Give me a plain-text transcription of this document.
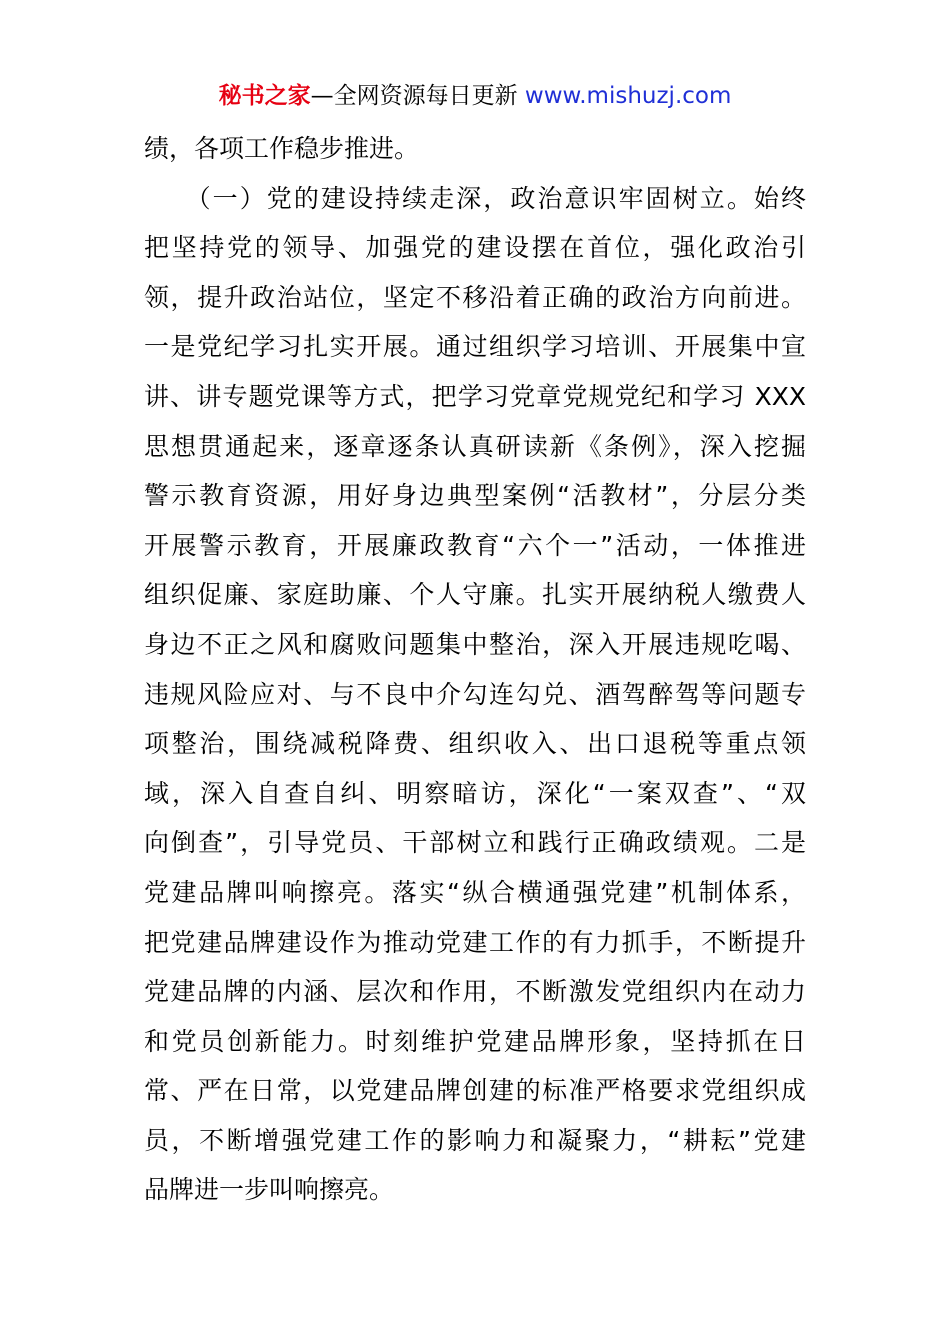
秘书之家—全网资源每日更新 www.mishuzj.com
绩，各项工作稳步推进。
　　（一）党的建设持续走深，政治意识牢固树立。始终
把坚持党的领导、加强党的建设摆在首位，强化政治引
领，提升政治站位，坚定不移沿着正确的政治方向前进。
一是党纪学习扎实开展。通过组织学习培训、开展集中宣
讲、讲专题党课等方式，把学习党章党规党纪和学习 XXX
思想贯通起来，逐章逐条认真研读新《条例》，深入挖掘
警示教育资源，用好身边典型案例“活教材”，分层分类
开展警示教育，开展廉政教育“六个一”活动，一体推进
组织促廉、家庭助廉、个人守廉。扎实开展纳税人缴费人
身边不正之风和腐败问题集中整治，深入开展违规吃喝、
违规风险应对、与不良中介勾连勾兑、酒驾醉驾等问题专
项整治，围绕减税降费、组织收入、出口退税等重点领
域，深入自查自纠、明察暗访，深化“一案双查”、“双
向倒查”，引导党员、干部树立和践行正确政绩观。二是
党建品牌叫响擦亮。落实“纵合横通强党建”机制体系，
把党建品牌建设作为推动党建工作的有力抓手，不断提升
党建品牌的内涵、层次和作用，不断激发党组织内在动力
和党员创新能力。时刻维护党建品牌形象，坚持抓在日
常、严在日常，以党建品牌创建的标准严格要求党组织成
员，不断增强党建工作的影响力和凝聚力，“耕耘”党建
品牌进一步叫响擦亮。
